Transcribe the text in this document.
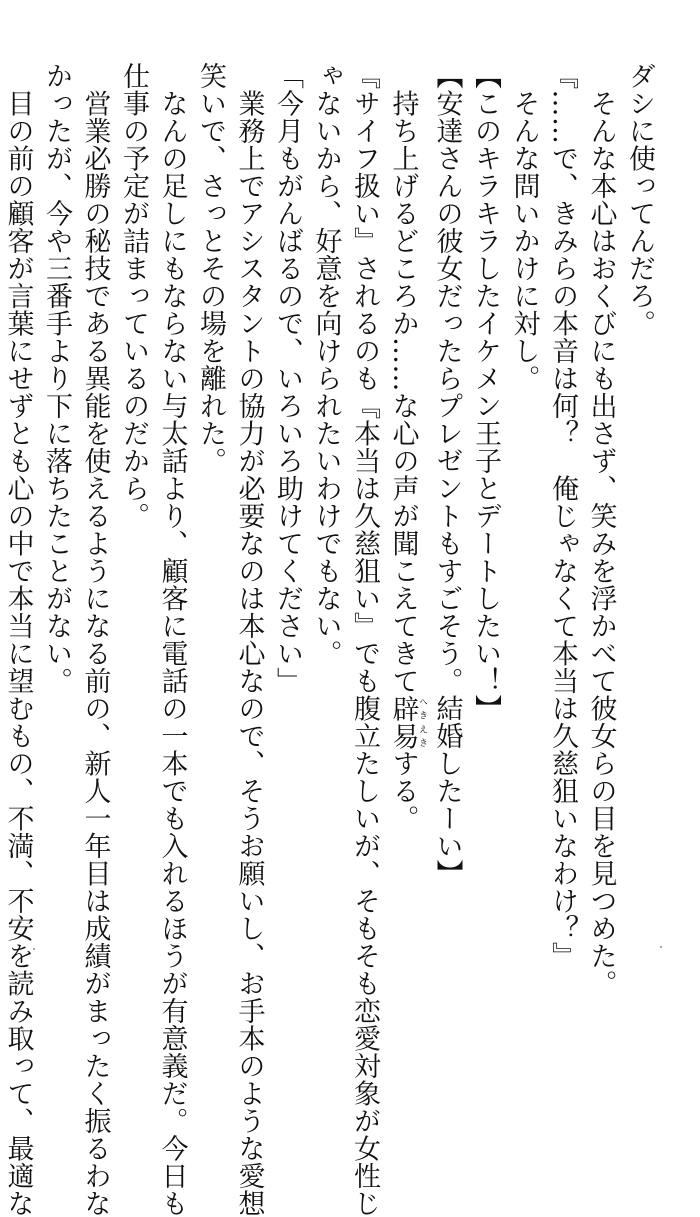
ダシに使ってんだろ。
　そんな本心はおくびにも出さず、笑みを浮かべて彼女らの目を見つめた。
『……で、きみらの本音は何？　俺じゃなくて本当は久慈狙いなわけ？』
　そんな問いかけに対し。
【このキラキラしたイケメン王子とデートしたい！】
【安達さんの彼女だったらプレゼントもすごそう。結婚したーい】
　持ち上げるどころか……な心の声が聞こえてきて辟易へきえきする。
『サイフ扱い』されるのも『本当は久慈狙い』でも腹立たしいが、そもそも恋愛対象が女性じ
ゃないから、好意を向けられたいわけでもない。
「今月もがんばるので、いろいろ助けてください」
　業務上でアシスタントの協力が必要なのは本心なので、そうお願いし、お手本のような愛想
笑いで、さっとその場を離れた。
　なんの足しにもならない与太話より、顧客に電話の一本でも入れるほうが有意義だ。今日も
仕事の予定が詰まっているのだから。
　営業必勝の秘技である異能を使えるようになる前の、新人一年目は成績がまったく振るわな
かったが、今や三番手より下に落ちたことがない。
　目の前の顧客が言葉にせずとも心の中で本当に望むもの、不満、不安を読み取って、最適な
